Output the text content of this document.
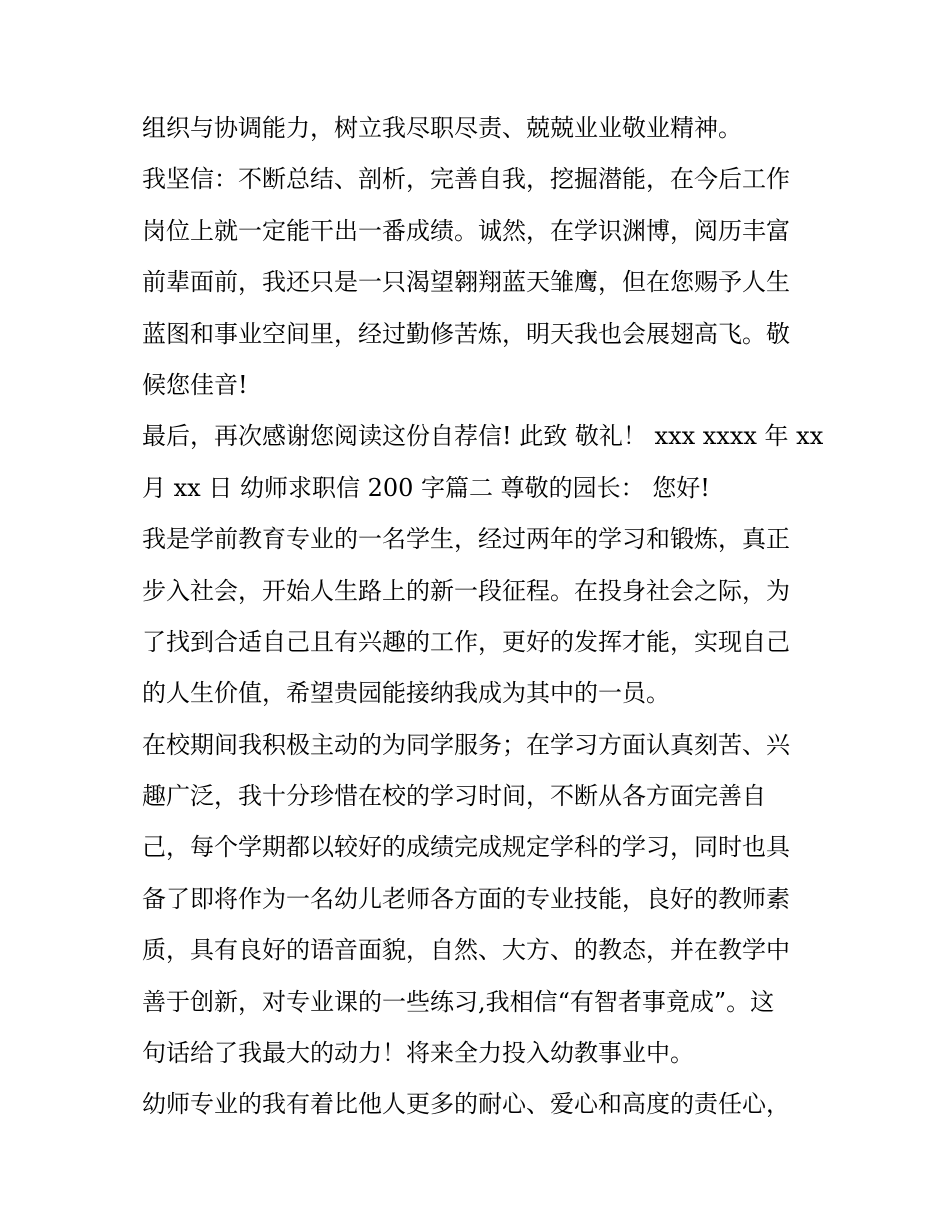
组织与协调能力，树立我尽职尽责、兢兢业业敬业精神。

我坚信：不断总结、剖析，完善自我，挖掘潜能，在今后工作

岗位上就一定能干出一番成绩。诚然，在学识渊博，阅历丰富

前辈面前，我还只是一只渴望翱翔蓝天雏鹰，但在您赐予人生

蓝图和事业空间里，经过勤修苦炼，明天我也会展翅高飞。敬

候您佳音!

最后，再次感谢您阅读这份自荐信! 此致 敬礼！ xxx xxxx 年 xx

月 xx 日 幼师求职信 200 字篇二 尊敬的园长： 您好!

我是学前教育专业的一名学生，经过两年的学习和锻炼，真正

步入社会，开始人生路上的新一段征程。在投身社会之际，为

了找到合适自己且有兴趣的工作，更好的发挥才能，实现自己

的人生价值，希望贵园能接纳我成为其中的一员。

在校期间我积极主动的为同学服务；在学习方面认真刻苦、兴

趣广泛，我十分珍惜在校的学习时间，不断从各方面完善自

己，每个学期都以较好的成绩完成规定学科的学习，同时也具

备了即将作为一名幼儿老师各方面的专业技能，良好的教师素

质，具有良好的语音面貌，自然、大方、的教态，并在教学中

善于创新，对专业课的一些练习,我相信“有智者事竟成”。这

句话给了我最大的动力！将来全力投入幼教事业中。

幼师专业的我有着比他人更多的耐心、爱心和高度的责任心，
